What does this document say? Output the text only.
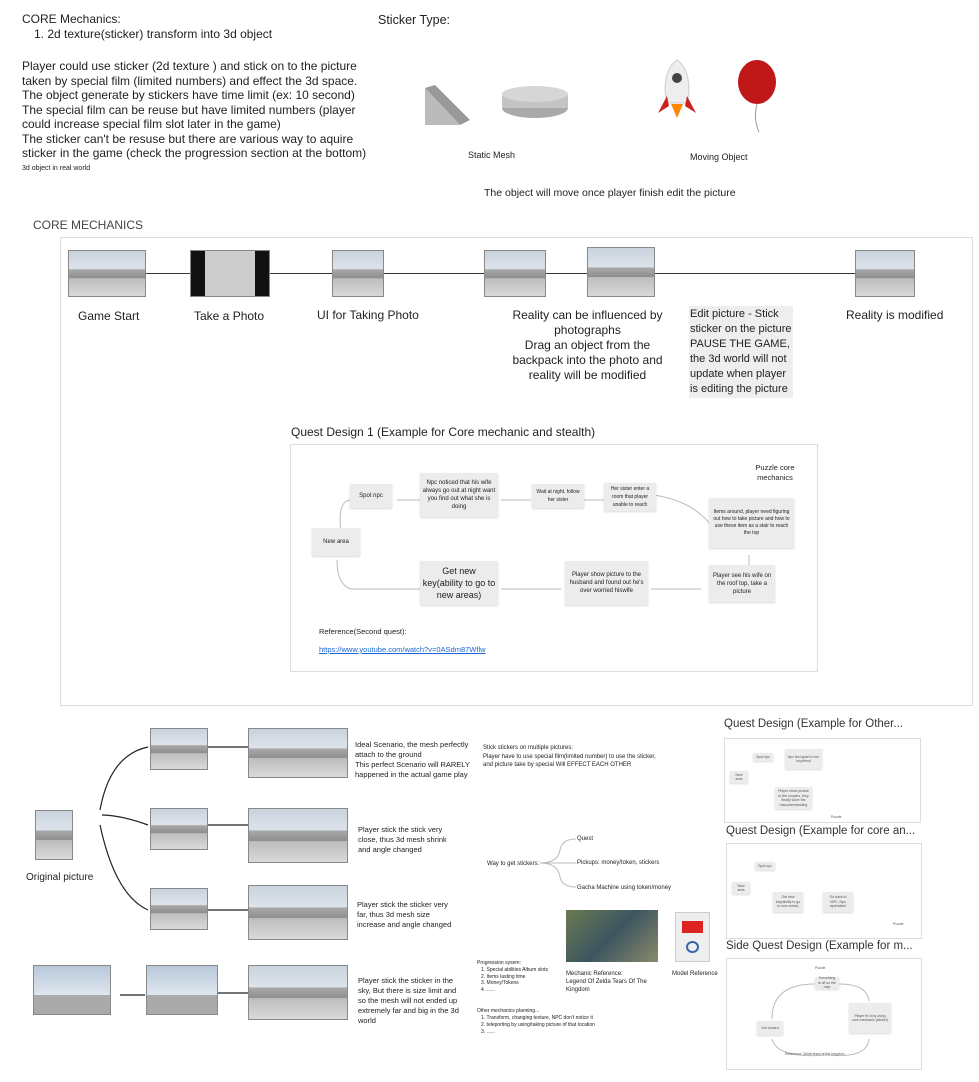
CORE Mechanics:
1. 2d texture(sticker) transform into 3d object
Player could use sticker (2d texture ) and stick on to the picture taken by special film (limited numbers) and effect the 3d space.
The object generate by stickers have time limit (ex: 10 second)
The special film can be reuse but have limited numbers (player could increase special film slot later in the game)
The sticker can't be resuse but there are various way to aquire sticker in the game (check the progression section at the bottom)
3d object in real world
Sticker Type:
Static Mesh	Moving Object
The object will move once player finish edit the picture
CORE MECHANICS
Game Start	Take a Photo	UI for Taking Photo	Reality can be influenced by photographs
Drag an object from the backpack into the photo and reality will be modified
Edit picture - Stick sticker on the picture PAUSE THE GAME, the 3d world will not update when player is editing the picture
Reality is modified
Quest Design 1 (Example for Core mechanic and stealth)
Spot npc
Npc noticed that his wife always go out at night want you find out what she is doing
Wait at night, follow her sister
Her sister enter a room that player unable to reach
Items around, player need figuring out how to take picture and how to use these item as a stair to reach the top
Player see his wife on the roof top, take a picture
Player show picture to the husband and found out he's over worried hiswife
Get new key(ability to go to new areas)
New area
Puzzle core mechanics
Reference(Second quest):
https://www.youtube.com/watch?v=0ASdm87Wflw
Original picture
Ideal Scenario, the mesh perfectly attach to the ground
This perfect Scenario will RARELY happened in the actual game play
Player stick the stick very close, thus 3d mesh shrink and angle changed
Player stick the sticker very far, thus 3d mesh size increase and angle changed
Player stick the sticker in the sky, But there is size limit and so the mesh will not ended up extremely far and big in the 3d world
Stick stickers on multiple pictures:
Player have to use special film(limited number) to use the sticker, and picture take by special Will EFFECT EACH OTHER
Way to get stickers:
Quest
Pickups: money/token, stickers
Gacha Machine using token/money
Progression sysem:
1. Special abilities Album slots
2. Items lasting time
3. Money/Tokens
4. ......
Other mechanics planning...
1. Transform, changing texture, NPC don't notice it
2. teleporting by using/taking picture of that location
3. ......
Mechanic Reference:
Legend Of Zelda Tears Of The Kingdom
Model Reference
Quest Design (Example for Other...
New area
Spot npc	Npc feel apart to her boyfriend
Player show picture to the couples, they finally solve the misunderstanding
Puzzle
Quest Design (Example for core an...
New area
Spot npc
Get new key(ability to go to new areas)
Go back to NPC, Npc apreciated
Puzzle
Side Quest Design (Example for m...
Puzzle
Something is off on the map
Player fix it by using core mechanic (sticker)
Get reward
Reference: Zelda tears of the kingdom
